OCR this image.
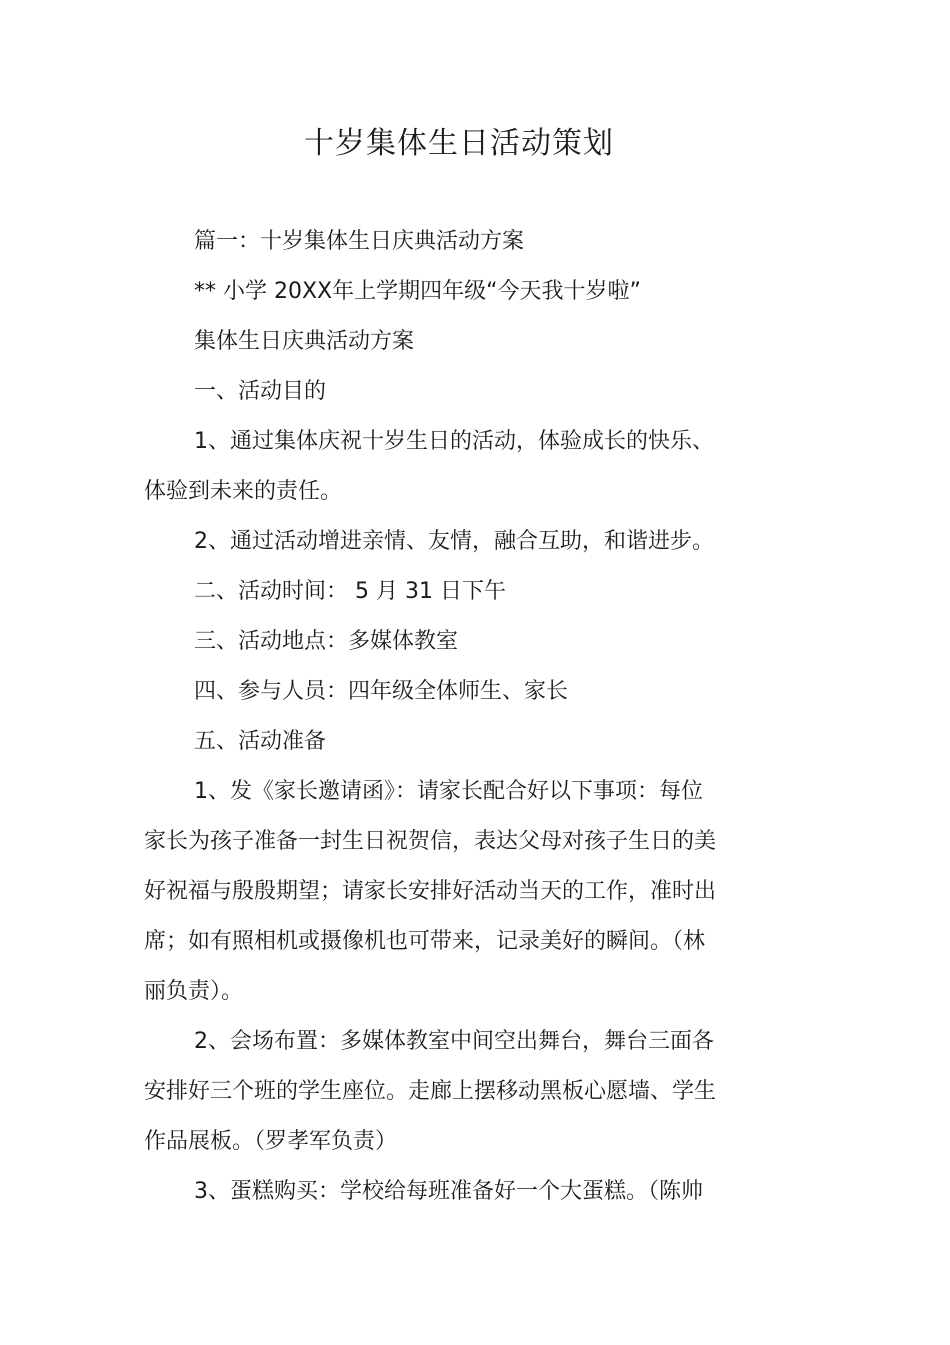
十岁集体生日活动策划

篇一：十岁集体生日庆典活动方案

** 小学 20XX年上学期四年级“今天我十岁啦”

集体生日庆典活动方案

一、活动目的

1、通过集体庆祝十岁生日的活动，体验成长的快乐、

体验到未来的责任。

2、通过活动增进亲情、友情，融合互助，和谐进步。

二、活动时间： 5 月 31 日下午

三、活动地点：多媒体教室

四、参与人员：四年级全体师生、家长

五、活动准备

1、发《家长邀请函》：请家长配合好以下事项：每位

家长为孩子准备一封生日祝贺信，表达父母对孩子生日的美

好祝福与殷殷期望；请家长安排好活动当天的工作，准时出

席；如有照相机或摄像机也可带来，记录美好的瞬间。（林

丽负责）。

2、会场布置：多媒体教室中间空出舞台，舞台三面各

安排好三个班的学生座位。走廊上摆移动黑板心愿墙、学生

作品展板。（罗孝军负责）

3、蛋糕购买：学校给每班准备好一个大蛋糕。（陈帅
